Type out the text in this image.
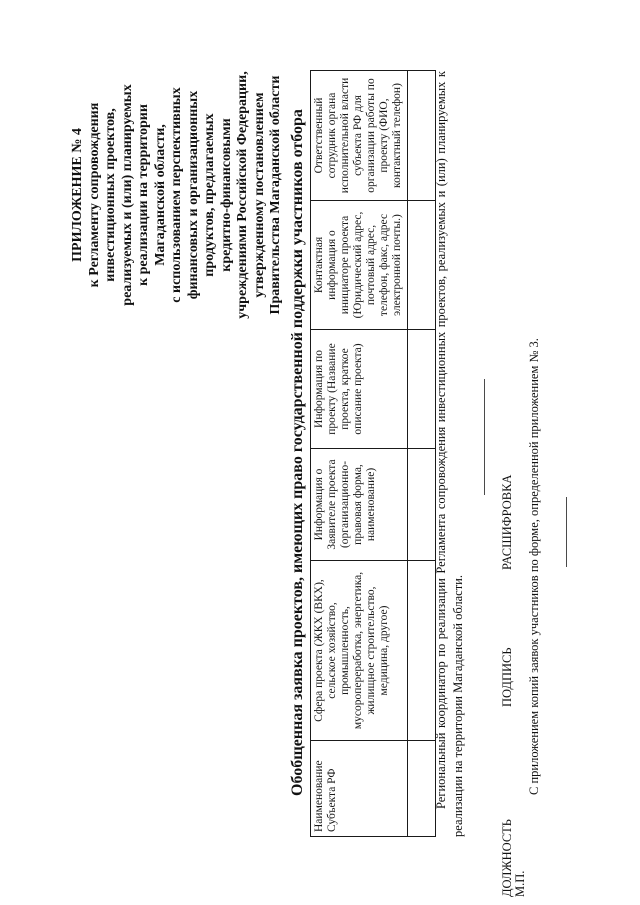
ПРИЛОЖЕНИЕ № 4
к Регламенту сопровождения
инвестиционных проектов,
реализуемых и (или) планируемых
к реализации на территории
Магаданской области,
с использованием перспективных
финансовых и организационных
продуктов, предлагаемых
кредитно-финансовыми
учреждениями Российской Федерации,
утвержденному постановлением
Правительства Магаданской области
Обобщенная заявка проектов, имеющих право государственной поддержки участников отбора
Наименование Субъекта РФ	Сфера проекта (ЖКХ (ВКХ), сельское хозяйство, промышленность, мусоропереработка, энергетика, жилищное строительство, медицина, другое)	Информация о Заявителе проекта (организационно-правовая форма, наименование)	Информация по проекту (Название проекта, краткое описание проекта)	Контактная информация о инициаторе проекта (Юридический адрес, почтовый адрес, телефон, факс, адрес электронной почты.)	Ответственный сотрудник органа исполнительной власти субъекта РФ для организации работы по проекту (ФИО, контактный телефон)
					Региональный координатор по реализации Регламента сопровождения инвестиционных проектов, реализуемых и (или) планируемых к реализации на территории Магаданской области.
ДОЛЖНОСТЬ М.П.
ПОДПИСЬ
РАСШИФРОВКА С приложением копий заявок участников по форме, определенной приложением № 3.
